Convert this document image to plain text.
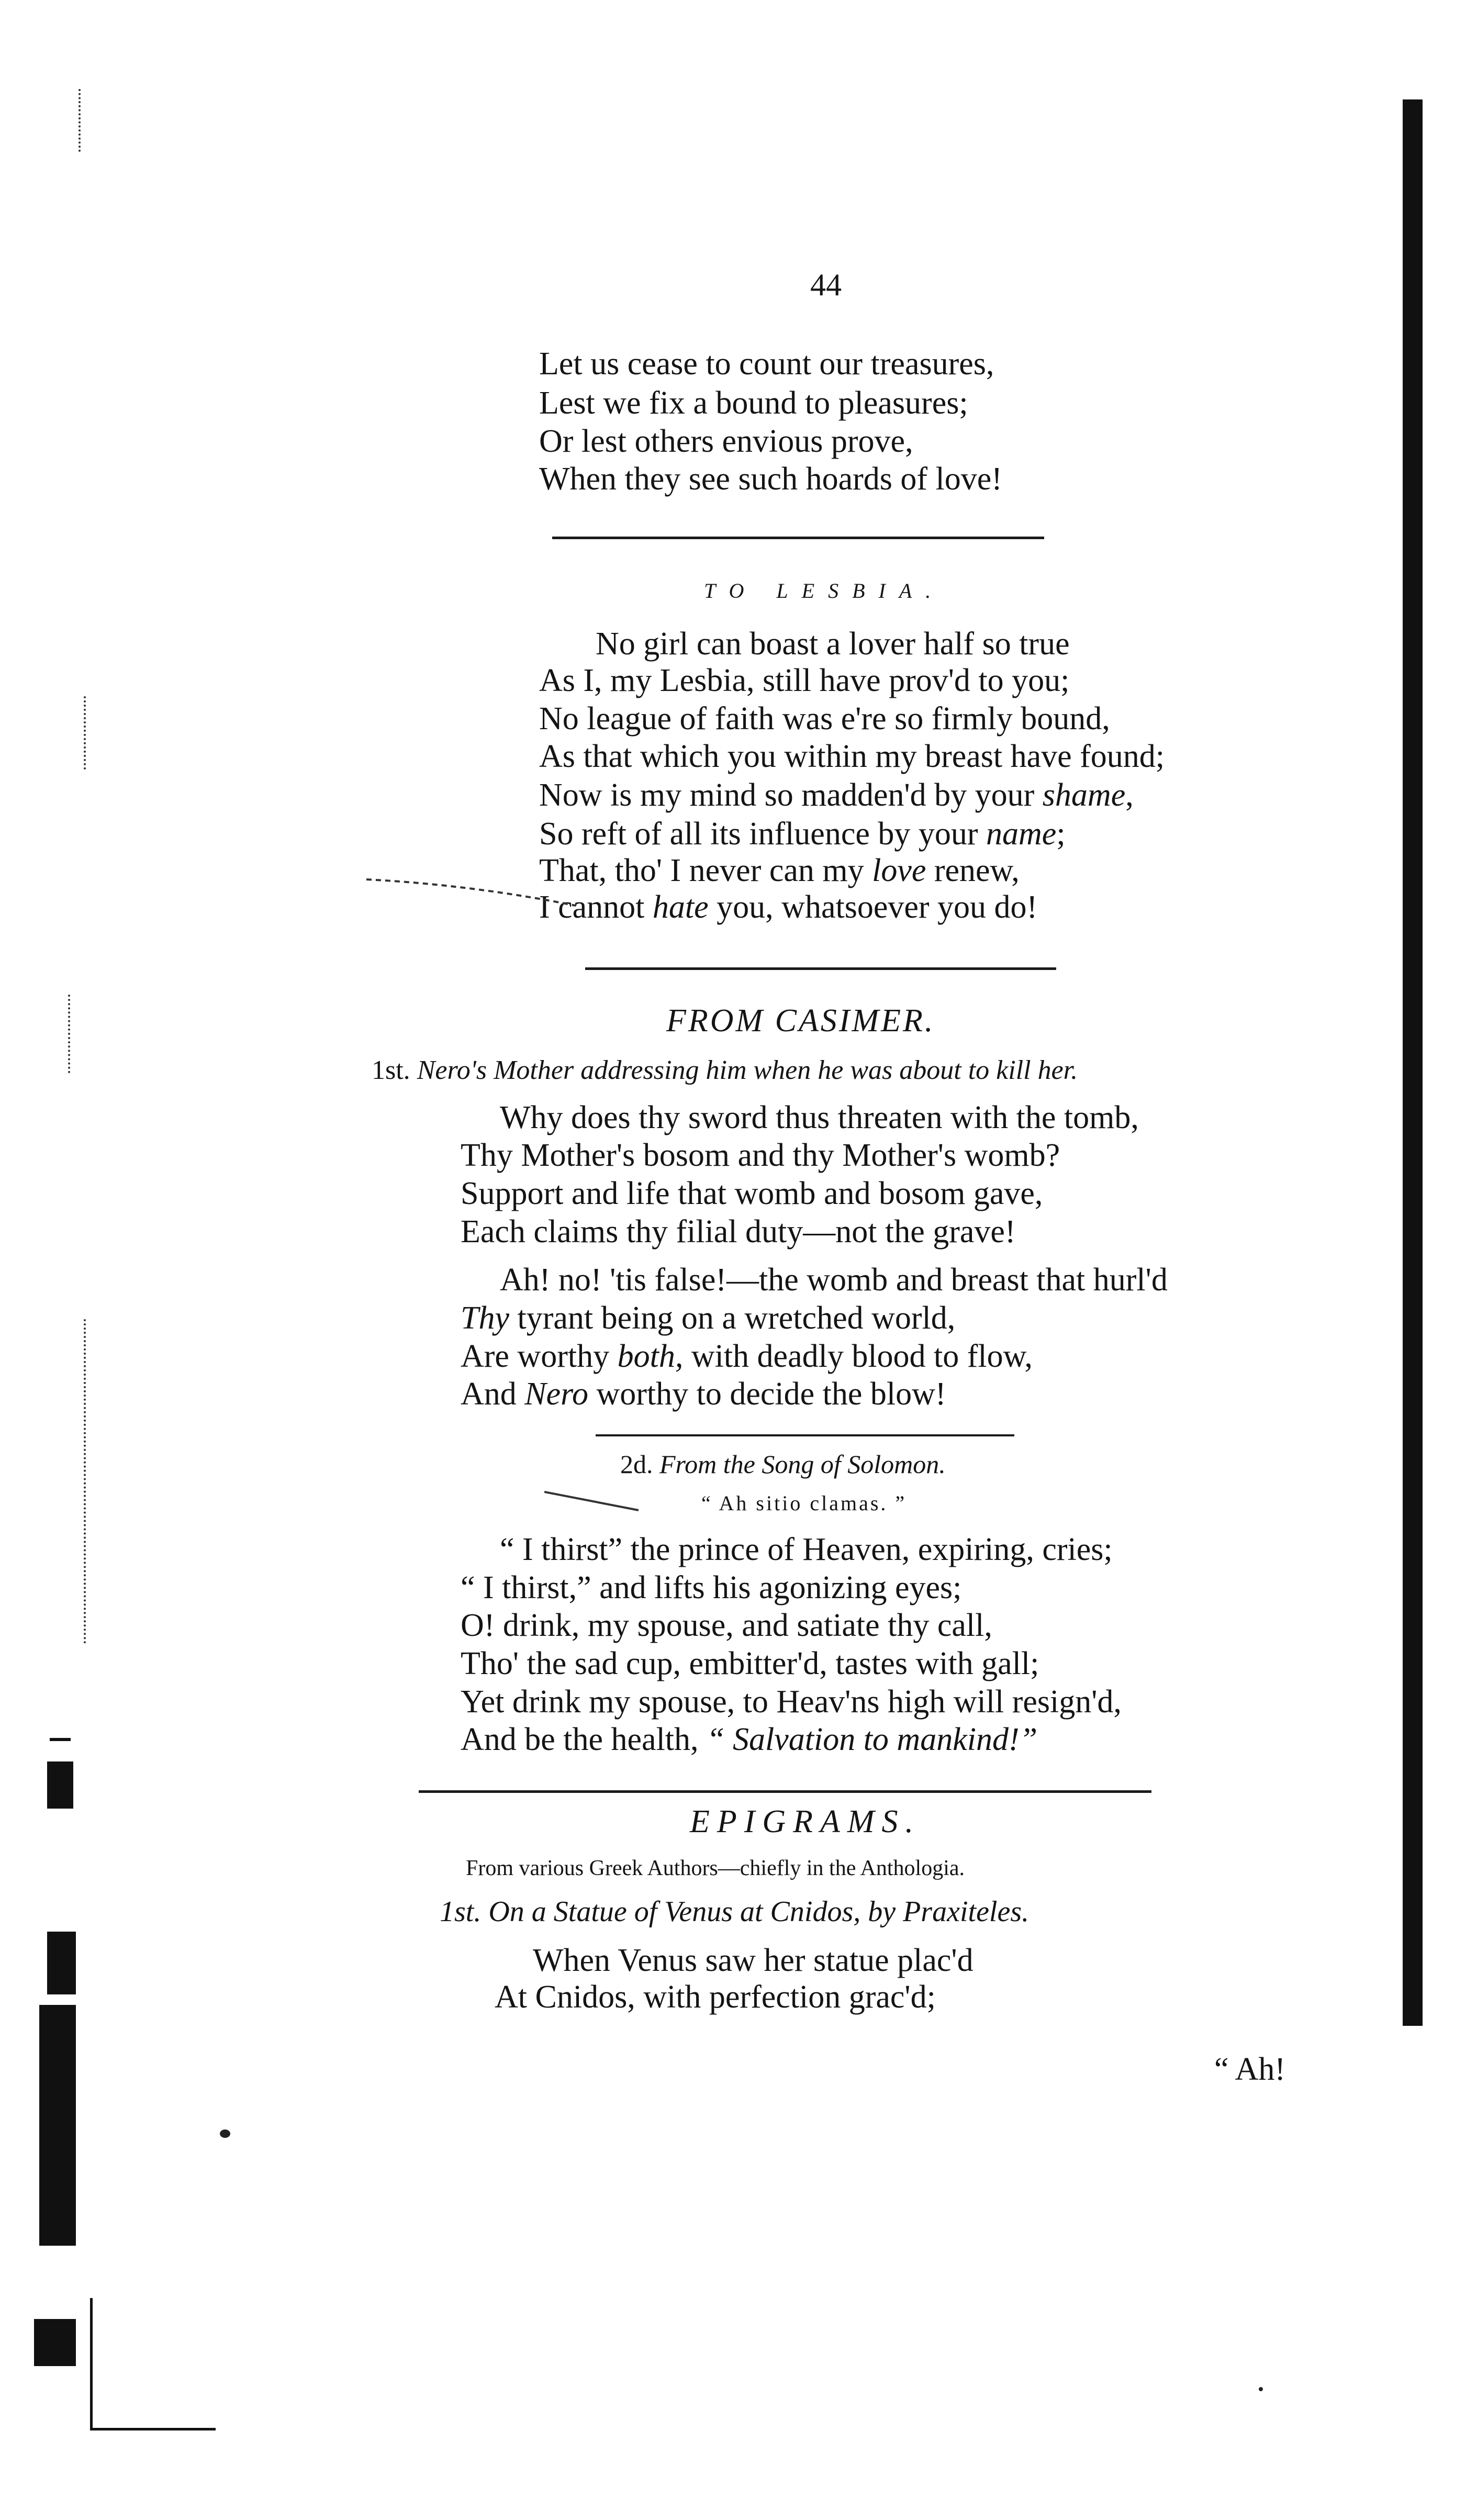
44
Let us cease to count our treasures,
Lest we fix a bound to pleasures;
Or lest others envious prove,
When they see such hoards of love!
TO LESBIA.
No girl can boast a lover half so true
As I, my Lesbia, still have prov'd to you;
No league of faith was e're so firmly bound,
As that which you within my breast have found;
Now is my mind so madden'd by your shame,
So reft of all its influence by your name;
That, tho' I never can my love renew,
I cannot hate you, whatsoever you do!
FROM CASIMER.
1st. Nero's Mother addressing him when he was about to kill her.
Why does thy sword thus threaten with the tomb,
Thy Mother's bosom and thy Mother's womb?
Support and life that womb and bosom gave,
Each claims thy filial duty—not the grave!
Ah! no! 'tis false!—the womb and breast that hurl'd
Thy tyrant being on a wretched world,
Are worthy both, with deadly blood to flow,
And Nero worthy to decide the blow!
2d. From the Song of Solomon.
“ Ah sitio clamas. ”
“ I thirst” the prince of Heaven, expiring, cries;
“ I thirst,” and lifts his agonizing eyes;
O! drink, my spouse, and satiate thy call,
Tho' the sad cup, embitter'd, tastes with gall;
Yet drink my spouse, to Heav'ns high will resign'd,
And be the health, “ Salvation to mankind!”
EPIGRAMS.
From various Greek Authors—chiefly in the Anthologia.
1st. On a Statue of Venus at Cnidos, by Praxiteles.
When Venus saw her statue plac'd
At Cnidos, with perfection grac'd;
“ Ah!
